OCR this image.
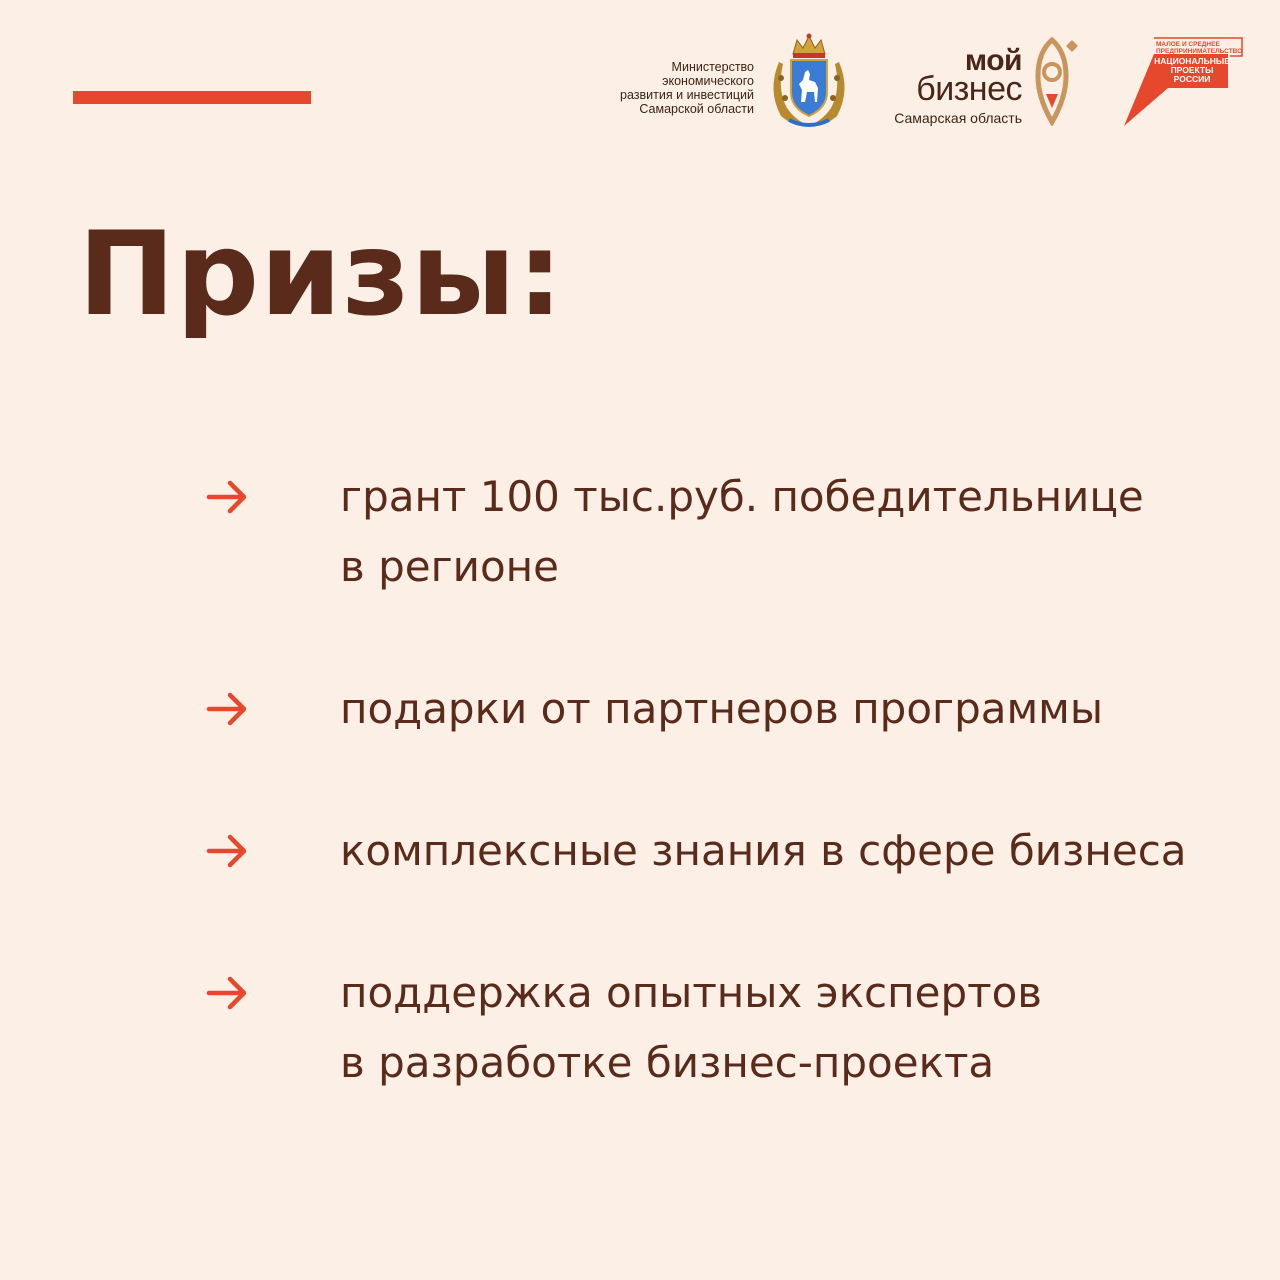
Министерство
экономического
развития и инвестиций
Самарской области
мой
бизнес
Самарская область
МАЛОЕ И СРЕДНЕЕ ПРЕДПРИНИМАТЕЛЬСТВО
НАЦИОНАЛЬНЫЕ ПРОЕКТЫ РОССИИ
Призы:
грант 100 тыс.руб. победительнице
в регионе
подарки от партнеров программы
комплексные знания в сфере бизнеса
поддержка опытных экспертов
в разработке бизнес-проекта
